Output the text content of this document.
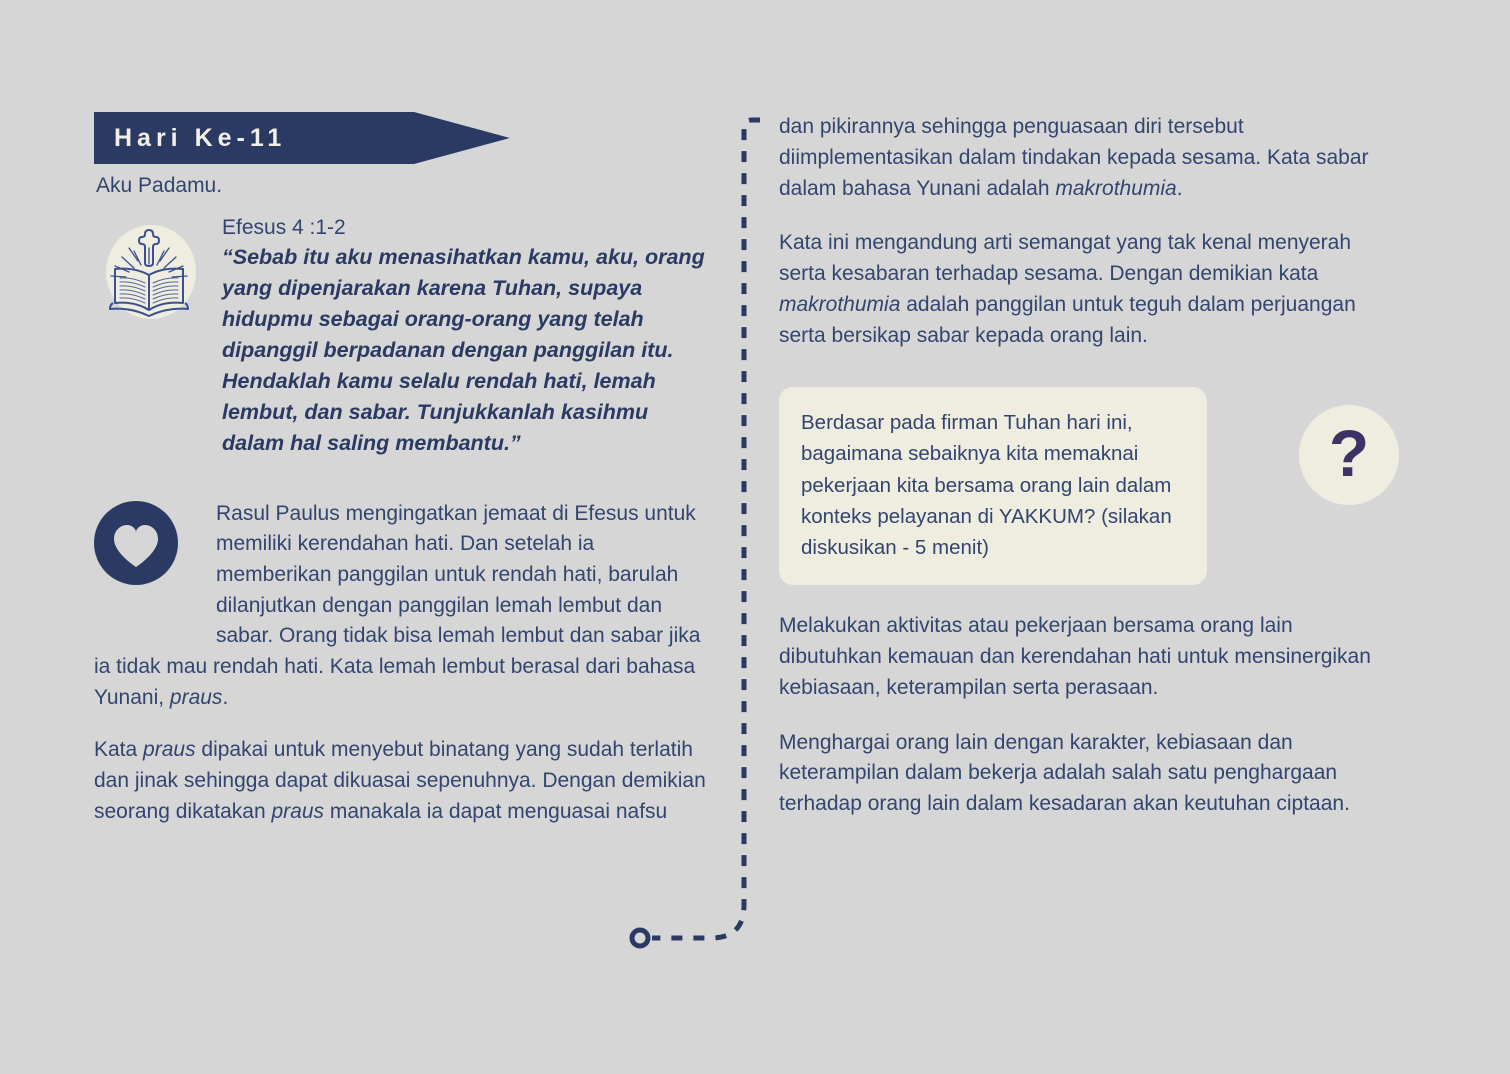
Hari Ke-11
Aku Padamu.
Efesus 4 :1-2
“Sebab itu aku menasihatkan kamu, aku, orang yang dipenjarakan karena Tuhan, supaya hidupmu sebagai orang-orang yang telah dipanggil berpadanan dengan panggilan itu. Hendaklah kamu selalu rendah hati, lemah lembut, dan sabar. Tunjukkanlah kasihmu dalam hal saling membantu.”
Rasul Paulus mengingatkan jemaat di Efesus untuk memiliki kerendahan hati. Dan setelah ia memberikan panggilan untuk rendah hati, barulah dilanjutkan dengan panggilan lemah lembut dan sabar. Orang tidak bisa lemah lembut dan sabar jika ia tidak mau rendah hati. Kata lemah lembut berasal dari bahasa Yunani, praus.
Kata praus dipakai untuk menyebut binatang yang sudah terlatih dan jinak sehingga dapat dikuasai sepenuhnya. Dengan demikian seorang dikatakan praus manakala ia dapat menguasai nafsu
dan pikirannya sehingga penguasaan diri tersebut diimplementasikan dalam tindakan kepada sesama. Kata sabar dalam bahasa Yunani adalah makrothumia.
Kata ini mengandung arti semangat yang tak kenal menyerah serta kesabaran terhadap sesama. Dengan demikian kata makrothumia adalah panggilan untuk teguh dalam perjuangan serta bersikap sabar kepada orang lain.
Berdasar pada firman Tuhan hari ini, bagaimana sebaiknya kita memaknai pekerjaan kita bersama orang lain dalam konteks pelayanan di YAKKUM? (silakan diskusikan - 5 menit)
?
Melakukan aktivitas atau pekerjaan bersama orang lain dibutuhkan kemauan dan kerendahan hati untuk mensinergikan kebiasaan, keterampilan serta perasaan.
Menghargai orang lain dengan karakter, kebiasaan dan keterampilan dalam bekerja adalah salah satu penghargaan terhadap orang lain dalam kesadaran akan keutuhan ciptaan.
